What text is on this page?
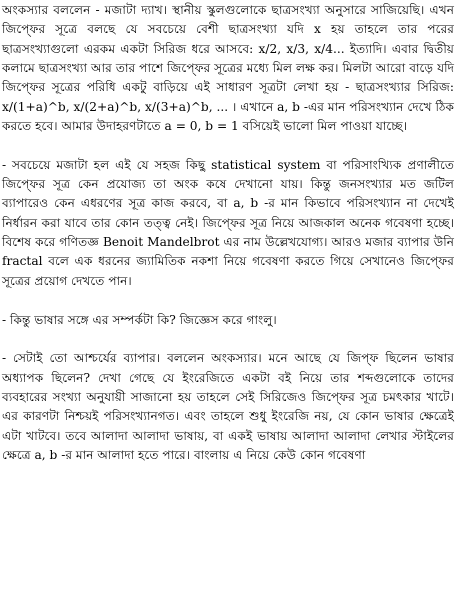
অংকস্যার বললেন - মজাটা দ্যাখ। স্থানীয় স্কুলগুলোকে ছাত্রসংখ্যা অনুসারে সাজিয়েছি। এখন জিপ্ফের সূত্রে বলছে যে সবচেয়ে বেশী ছাত্রসংখ্যা যদি x হয় তাহলে তার পরের ছাত্রসংখ্যাগুলো এরকম একটা সিরিজ ধরে আসবে: x/2, x/3, x/4... ইত্যাদি। এবার দ্বিতীয় কলামে ছাত্রসংখ্যা আর তার পাশে জিপ্ফের সূত্রের মধ্যে মিল লক্ষ কর। মিলটা আরো বাড়ে যদি জিপ্ফের সূত্রের পরিধি একটু বাড়িয়ে এই সাধারণ সূত্রটা লেখা হয় - ছাত্রসংখ্যার সিরিজ: x/(1+a)^b, x/(2+a)^b, x/(3+a)^b, ... । এখানে a, b -এর মান পরিসংখ্যান দেখে ঠিক করতে হবে। আমার উদাহরণটাতে a = 0, b = 1 বসিয়েই ভালো মিল পাওয়া যাচ্ছে।

- সবচেয়ে মজাটা হল এই যে সহজ কিছু statistical system বা পরিসাংখ্যিক প্রণালীতে জিপ্ফের সূত্র কেন প্রযোজ্য তা অংক কষে দেখানো যায়। কিন্তু জনসংখ্যার মত জটিল ব্যাপারেও কেন এধরণের সূত্র কাজ করবে, বা a, b -র মান কিভাবে পরিসংখ্যান না দেখেই নির্ধারন করা যাবে তার কোন তত্ত্ব নেই। জিপ্ফের সূত্র নিয়ে আজকাল অনেক গবেষণা হচ্ছে। বিশেষ করে গণিতজ্ঞ Benoit Mandelbrot এর নাম উল্লেখযোগ্য। আরও মজার ব্যাপার উনি fractal বলে এক ধরনের জ্যামিতিক নকশা নিয়ে গবেষণা করতে গিয়ে সেখানেও জিপ্ফের সূত্রের প্রয়োগ দেখতে পান।

- কিন্তু ভাষার সঙ্গে এর সম্পর্কটা কি? জিজ্ঞেস করে গাংলু।

- সেটাই তো আশ্চর্যের ব্যাপার। বললেন অংকস্যার। মনে আছে যে জিপ্ফ ছিলেন ভাষার অধ্যাপক ছিলেন? দেখা গেছে যে ইংরেজিতে একটা বই নিয়ে তার শব্দগুলোকে তাদের ব্যবহারের সংখ্যা অনুযায়ী সাজানো হয় তাহলে সেই সিরিজেও জিপ্ফের সূত্র চমৎকার খাটে। এর কারণটা নিশ্চয়ই পরিসংখ্যানগত। এবং তাহলে শুধু ইংরেজি নয়, যে কোন ভাষার ক্ষেত্রেই এটা খাটবে। তবে আলাদা আলাদা ভাষায়, বা একই ভাষায় আলাদা আলাদা লেখার স্টাইলের ক্ষেত্রে a, b -র মান আলাদা হতে পারে। বাংলায় এ নিয়ে কেউ কোন গবেষণা
